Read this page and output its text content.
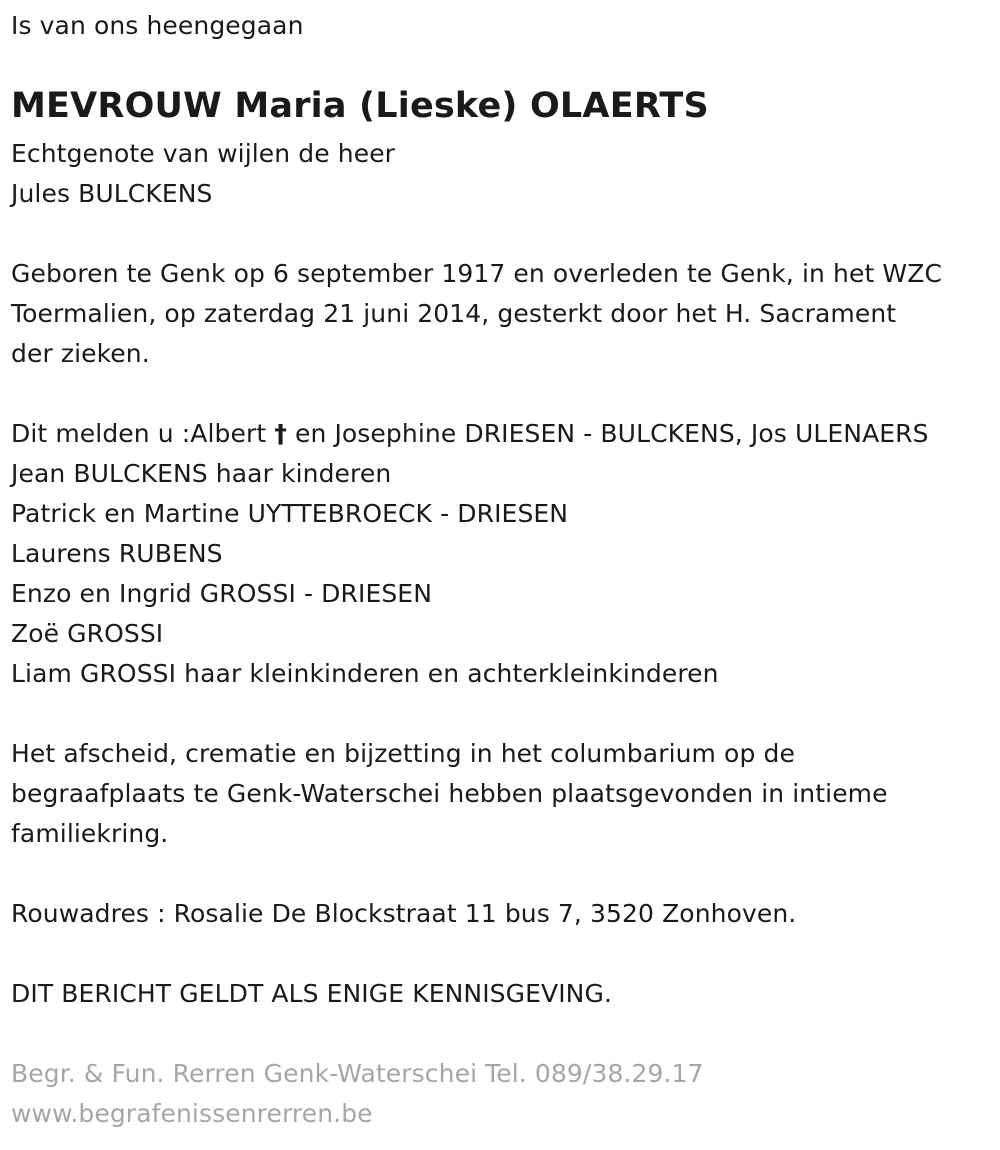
Is van ons heengegaan
MEVROUW Maria (Lieske) OLAERTS
Echtgenote van wijlen de heer
Jules BULCKENS
Geboren te Genk op 6 september 1917 en overleden te Genk, in het WZC
Toermalien, op zaterdag 21 juni 2014, gesterkt door het H. Sacrament
der zieken.
Dit melden u :Albert † en Josephine DRIESEN - BULCKENS, Jos ULENAERS
Jean BULCKENS haar kinderen
Patrick en Martine UYTTEBROECK - DRIESEN
Laurens RUBENS
Enzo en Ingrid GROSSI - DRIESEN
Zoë GROSSI
Liam GROSSI haar kleinkinderen en achterkleinkinderen
Het afscheid, crematie en bijzetting in het columbarium op de
begraafplaats te Genk-Waterschei hebben plaatsgevonden in intieme
familiekring.
Rouwadres : Rosalie De Blockstraat 11 bus 7, 3520 Zonhoven.
DIT BERICHT GELDT ALS ENIGE KENNISGEVING.
Begr. & Fun. Rerren Genk-Waterschei Tel. 089/38.29.17
www.begrafenissenrerren.be
